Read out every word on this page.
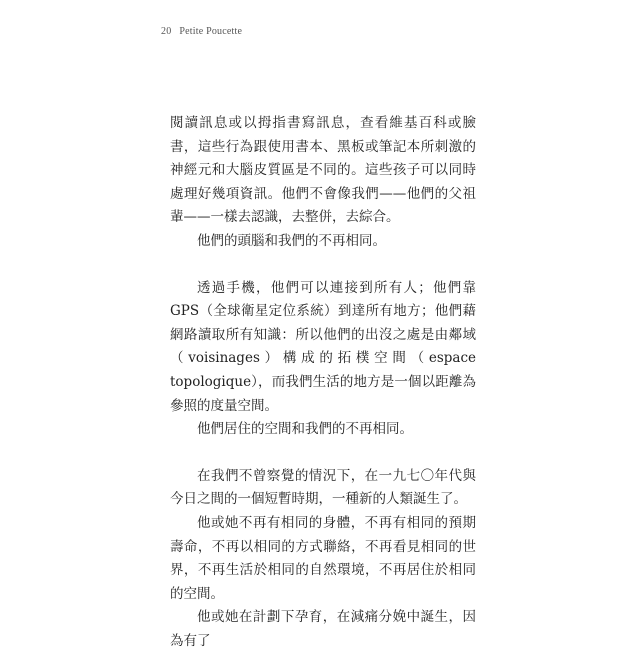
20 Petite Poucette

閱讀訊息或以拇指書寫訊息，查看維基百科或臉書，這些行為跟使用書本、黑板或筆記本所刺激的神經元和大腦皮質區是不同的。這些孩子可以同時處理好幾項資訊。他們不會像我們——他們的父祖輩——一樣去認識，去整併，去綜合。

他們的頭腦和我們的不再相同。

透過手機，他們可以連接到所有人；他們靠 GPS（全球衛星定位系統）到達所有地方；他們藉網路讀取所有知識：所以他們的出沒之處是由鄰域（voisinages）構成的拓樸空間（espace topologique），而我們生活的地方是一個以距離為參照的度量空間。

他們居住的空間和我們的不再相同。

在我們不曾察覺的情況下，在一九七〇年代與今日之間的一個短暫時期，一種新的人類誕生了。

他或她不再有相同的身體，不再有相同的預期壽命，不再以相同的方式聯絡，不再看見相同的世界，不再生活於相同的自然環境，不再居住於相同的空間。

他或她在計劃下孕育，在減痛分娩中誕生，因為有了
